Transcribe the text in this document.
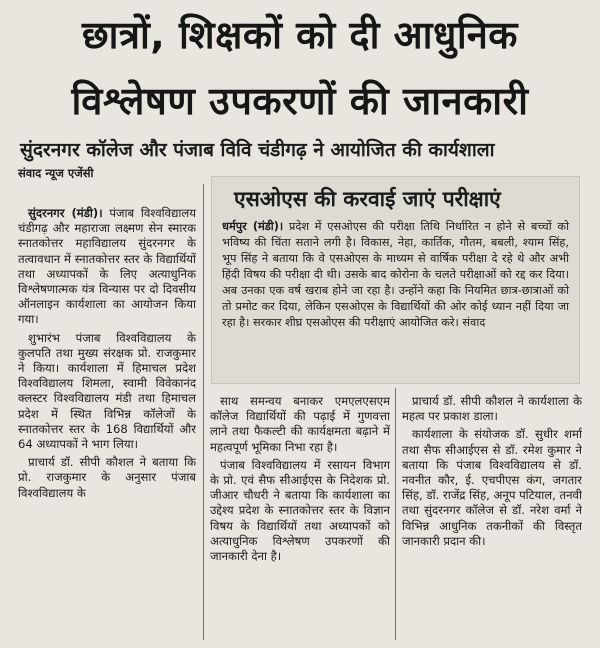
छात्रों, शिक्षकों को दी आधुनिक
विश्लेषण उपकरणों की जानकारी
सुंदरनगर कॉलेज और पंजाब विवि चंडीगढ़ ने आयोजित की कार्यशाला
संवाद न्यूज एजेंसी

सुंदरनगर (मंडी)। पंजाब विश्वविद्यालय चंडीगढ़ और महाराजा लक्ष्मण सेन स्मारक स्नातकोत्तर महाविद्यालय सुंदरनगर के तत्वावधान में स्नातकोत्तर स्तर के विद्यार्थियों तथा अध्यापकों के लिए अत्याधुनिक विश्लेषणात्मक यंत्र विन्यास पर दो दिवसीय ऑनलाइन कार्यशाला का आयोजन किया गया।

शुभारंभ पंजाब विश्वविद्यालय के कुलपति तथा मुख्य संरक्षक प्रो. राजकुमार ने किया। कार्यशाला में हिमाचल प्रदेश विश्वविद्यालय शिमला, स्वामी विवेकानंद क्लस्टर विश्वविद्यालय मंडी तथा हिमाचल प्रदेश में स्थित विभिन्न कॉलेजों के स्नातकोत्तर स्तर के 168 विद्यार्थियों और 64 अध्यापकों ने भाग लिया।

प्राचार्य डॉ. सीपी कौशल ने बताया कि प्रो. राजकुमार के अनुसार पंजाब विश्वविद्यालय के

एसओएस की करवाई जाएं परीक्षाएं
धर्मपुर (मंडी)। प्रदेश में एसओएस की परीक्षा तिथि निर्धारित न होने से बच्चों को भविष्य की चिंता सताने लगी है। विकास, नेहा, कार्तिक, गौतम, बबली, श्याम सिंह, भूप सिंह ने बताया कि वे एसओएस के माध्यम से वार्षिक परीक्षा दे रहे थे और अभी हिंदी विषय की परीक्षा दी थी। उसके बाद कोरोना के चलते परीक्षाओं को रद्द कर दिया। अब उनका एक वर्ष खराब होने जा रहा है। उन्होंने कहा कि नियमित छात्र-छात्राओं को तो प्रमोट कर दिया, लेकिन एसओएस के विद्यार्थियों की ओर कोई ध्यान नहीं दिया जा रहा है। सरकार शीघ्र एसओएस की परीक्षाएं आयोजित करे। संवाद

साथ समन्वय बनाकर एमएलएसएम कॉलेज विद्यार्थियों की पढ़ाई में गुणवत्ता लाने तथा फैकल्टी की कार्यक्षमता बढ़ाने में महत्वपूर्ण भूमिका निभा रहा है।

पंजाब विश्वविद्यालय में रसायन विभाग के प्रो. एवं सैफ सीआईएस के निदेशक प्रो. जीआर चौधरी ने बताया कि कार्यशाला का उद्देश्य प्रदेश के स्नातकोत्तर स्तर के विज्ञान विषय के विद्यार्थियों तथा अध्यापकों को अत्याधुनिक विश्लेषण उपकरणों की जानकारी देना है।

प्राचार्य डॉ. सीपी कौशल ने कार्यशाला के महत्व पर प्रकाश डाला।

कार्यशाला के संयोजक डॉ. सुधीर शर्मा तथा सैफ सीआईएस से डॉ. रमेश कुमार ने बताया कि पंजाब विश्वविद्यालय से डॉ. नवनीत कौर, ई. एचपीएस कंग, जगतार सिंह, डॉ. राजेंद्र सिंह, अनूप पटियाल, तनवी तथा सुंदरनगर कॉलेज से डॉ. नरेश वर्मा ने विभिन्न आधुनिक तकनीकों की विस्तृत जानकारी प्रदान की।
